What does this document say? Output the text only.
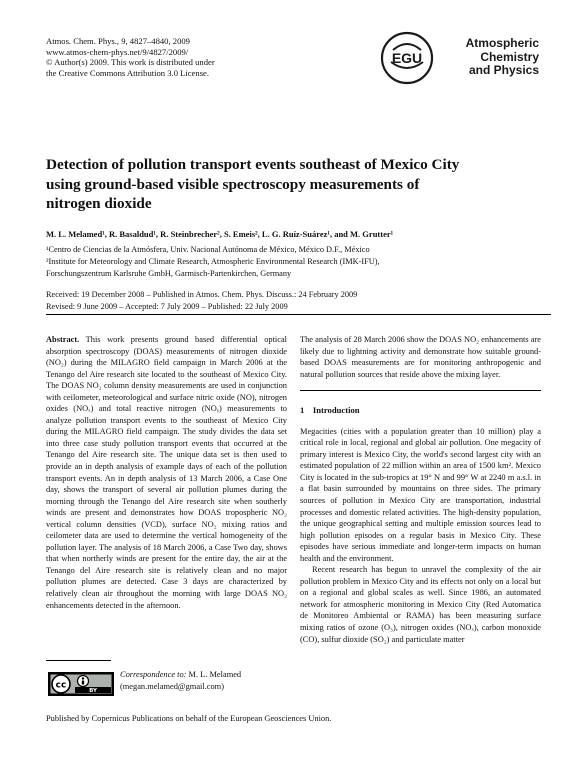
Atmos. Chem. Phys., 9, 4827–4840, 2009
www.atmos-chem-phys.net/9/4827/2009/
© Author(s) 2009. This work is distributed under
the Creative Commons Attribution 3.0 License.
EGU
Atmospheric
Chemistry
and Physics
Detection of pollution transport events southeast of Mexico City
using ground-based visible spectroscopy measurements of
nitrogen dioxide
M. L. Melamed¹, R. Basaldud¹, R. Steinbrecher², S. Emeis², L. G. Ruíz-Suárez¹, and M. Grutter¹
¹Centro de Ciencias de la Atmósfera, Univ. Nacional Autónoma de México, México D.F., México
²Institute for Meteorology and Climate Research, Atmospheric Environmental Research (IMK-IFU),
Forschungszentrum Karlsruhe GmbH, Garmisch-Partenkirchen, Germany
Received: 19 December 2008 – Published in Atmos. Chem. Phys. Discuss.: 24 February 2009
Revised: 9 June 2009 – Accepted: 7 July 2009 – Published: 22 July 2009

Abstract. This work presents ground based differential optical absorption spectroscopy (DOAS) measurements of nitrogen dioxide (NO₂) during the MILAGRO field campaign in March 2006 at the Tenango del Aire research site located to the southeast of Mexico City. The DOAS NO₂ column density measurements are used in conjunction with ceilometer, meteorological and surface nitric oxide (NO), nitrogen oxides (NOₓ) and total reactive nitrogen (NOᵧ) measurements to analyze pollution transport events to the southeast of Mexico City during the MILAGRO field campaign. The study divides the data set into three case study pollution transport events that occurred at the Tenango del Aire research site. The unique data set is then used to provide an in depth analysis of example days of each of the pollution transport events. An in depth analysis of 13 March 2006, a Case One day, shows the transport of several air pollution plumes during the morning through the Tenango del Aire research site when southerly winds are present and demonstrates how DOAS tropospheric NO₂ vertical column densities (VCD), surface NO₂ mixing ratios and ceilometer data are used to determine the vertical homogeneity of the pollution layer. The analysis of 18 March 2006, a Case Two day, shows that when northerly winds are present for the entire day, the air at the Tenango del Aire research site is relatively clean and no major pollution plumes are detected. Case 3 days are characterized by relatively clean air throughout the morning with large DOAS NO₂ enhancements detected in the afternoon.

The analysis of 28 March 2006 show the DOAS NO₂ enhancements are likely due to lightning activity and demonstrate how suitable ground-based DOAS measurements are for monitoring anthropogenic and natural pollution sources that reside above the mixing layer.

1 Introduction

Megacities (cities with a population greater than 10 million) play a critical role in local, regional and global air pollution. One megacity of primary interest is Mexico City, the world's second largest city with an estimated population of 22 million within an area of 1500 km². Mexico City is located in the sub-tropics at 19° N and 99° W at 2240 m a.s.l. in a flat basin surrounded by mountains on three sides. The primary sources of pollution in Mexico City are transportation, industrial processes and domestic related activities. The high-density population, the unique geographical setting and multiple emission sources lead to high pollution episodes on a regular basis in Mexico City. These episodes have serious immediate and longer-term impacts on human health and the environment.

Recent research has begun to unravel the complexity of the air pollution problem in Mexico City and its effects not only on a local but on a regional and global scales as well. Since 1986, an automated network for atmospheric monitoring in Mexico City (Red Automatica de Monitoreo Ambiental or RAMA) has been measuring surface mixing ratios of ozone (O₃), nitrogen oxides (NOₓ), carbon monoxide (CO), sulfur dioxide (SO₂) and particulate matter

cc
BY
Correspondence to: M. L. Melamed
(megan.melamed@gmail.com)
Published by Copernicus Publications on behalf of the European Geosciences Union.
